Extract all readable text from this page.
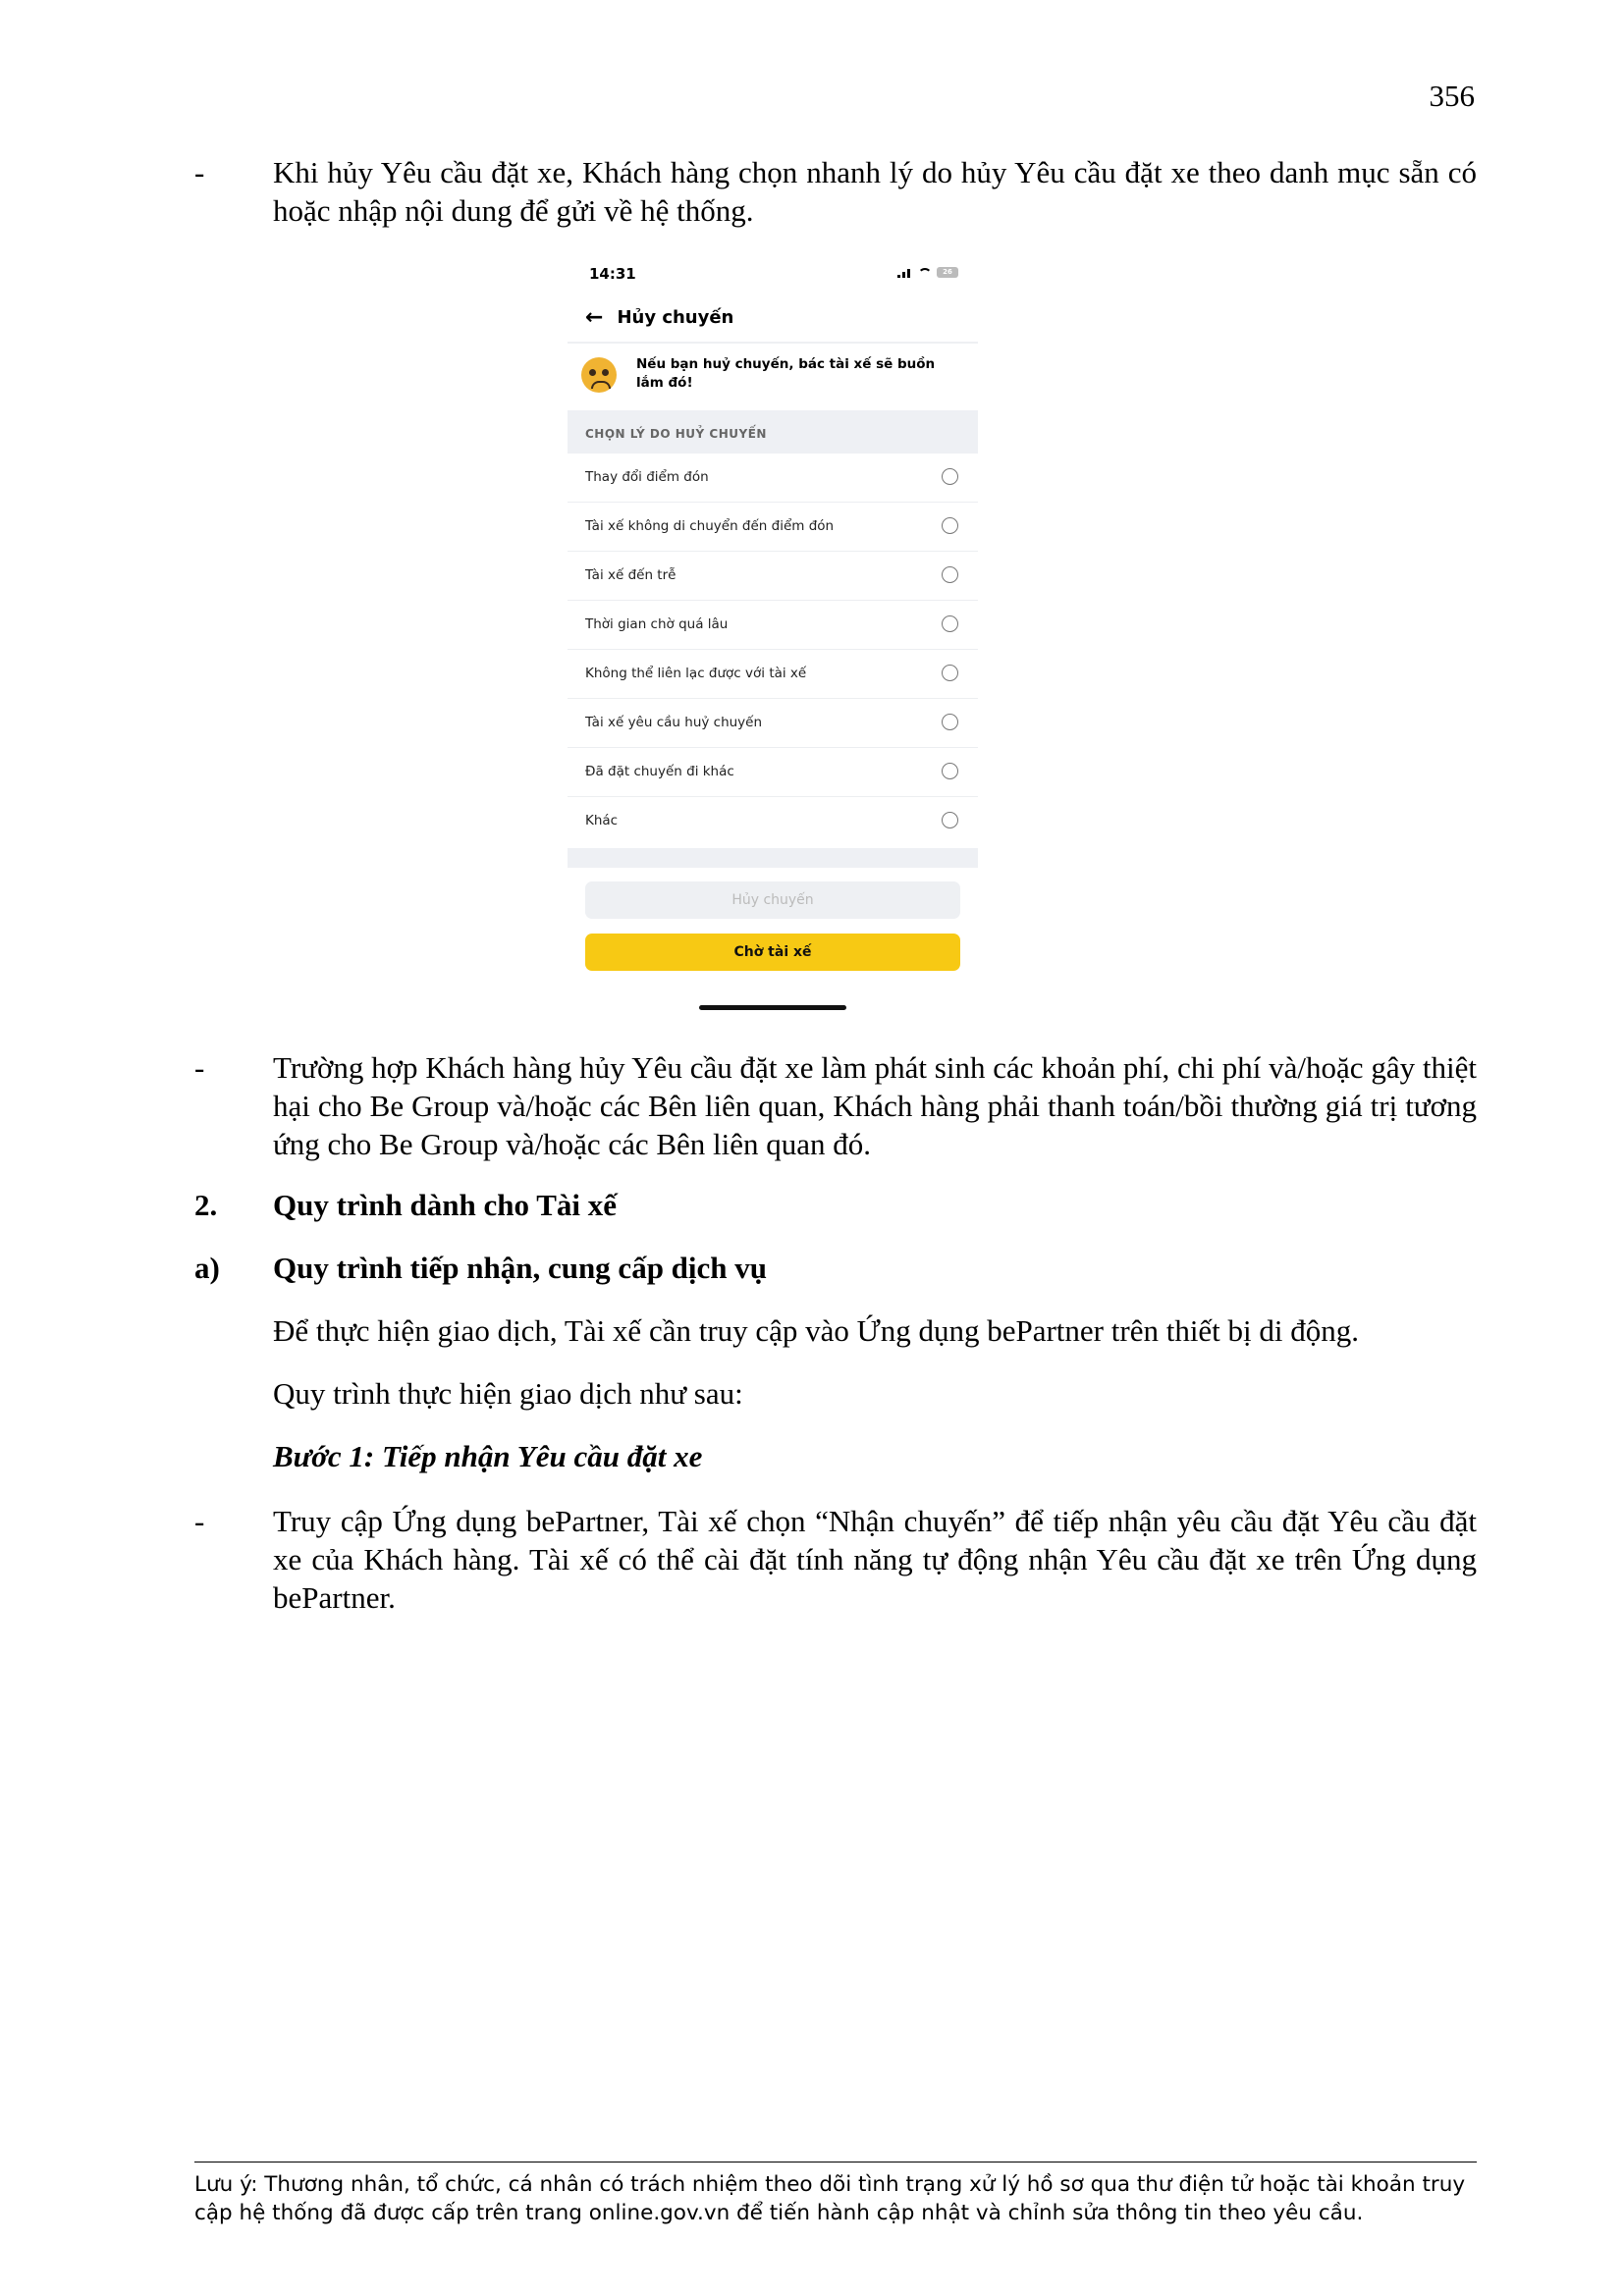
356
- Khi hủy Yêu cầu đặt xe, Khách hàng chọn nhanh lý do hủy Yêu cầu đặt xe theo danh mục sẵn có hoặc nhập nội dung để gửi về hệ thống.
14:31	26
← Hủy chuyến
Nếu bạn huỷ chuyến, bác tài xế sẽ buồn lắm đó!
CHỌN LÝ DO HUỶ CHUYẾN
Thay đổi điểm đón
Tài xế không di chuyển đến điểm đón
Tài xế đến trễ
Thời gian chờ quá lâu
Không thể liên lạc được với tài xế
Tài xế yêu cầu huỷ chuyến
Đã đặt chuyến đi khác
Khác
Hủy chuyến
Chờ tài xế
- Trường hợp Khách hàng hủy Yêu cầu đặt xe làm phát sinh các khoản phí, chi phí và/hoặc gây thiệt hại cho Be Group và/hoặc các Bên liên quan, Khách hàng phải thanh toán/bồi thường giá trị tương ứng cho Be Group và/hoặc các Bên liên quan đó.
2. Quy trình dành cho Tài xế
a) Quy trình tiếp nhận, cung cấp dịch vụ
Để thực hiện giao dịch, Tài xế cần truy cập vào Ứng dụng bePartner trên thiết bị di động.
Quy trình thực hiện giao dịch như sau:
Bước 1: Tiếp nhận Yêu cầu đặt xe
- Truy cập Ứng dụng bePartner, Tài xế chọn “Nhận chuyến” để tiếp nhận yêu cầu đặt Yêu cầu đặt xe của Khách hàng. Tài xế có thể cài đặt tính năng tự động nhận Yêu cầu đặt xe trên Ứng dụng bePartner.
Lưu ý: Thương nhân, tổ chức, cá nhân có trách nhiệm theo dõi tình trạng xử lý hồ sơ qua thư điện tử hoặc tài khoản truy cập hệ thống đã được cấp trên trang online.gov.vn để tiến hành cập nhật và chỉnh sửa thông tin theo yêu cầu.
